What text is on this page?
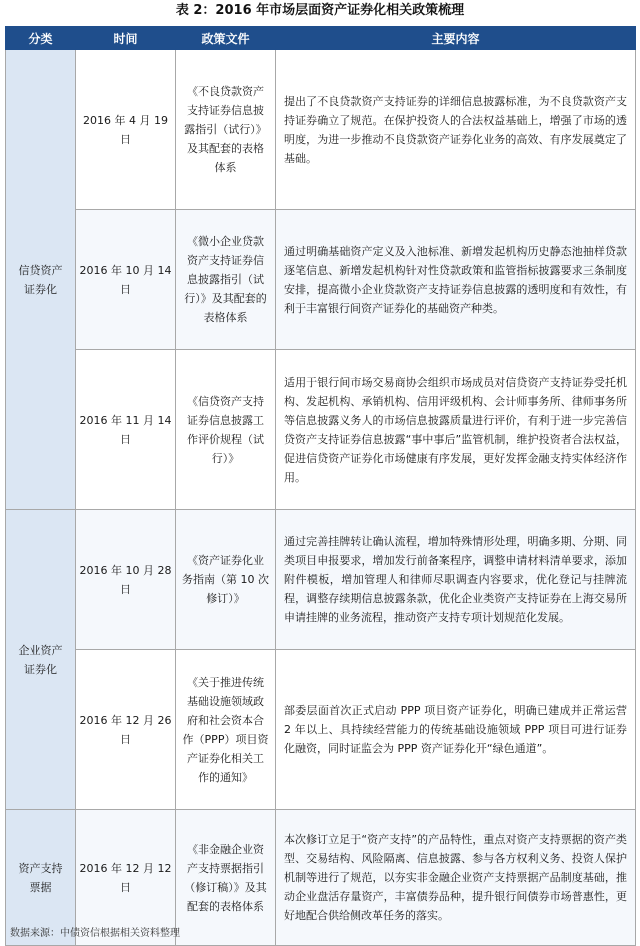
表 2：2016 年市场层面资产证券化相关政策梳理
分类	时间	政策文件	主要内容
信贷资产证券化	2016 年 4 月 19 日	《不良贷款资产支持证券信息披露指引（试行）》及其配套的表格体系	提出了不良贷款资产支持证券的详细信息披露标准，为不良贷款资产支持证券确立了规范。在保护投资人的合法权益基础上，增强了市场的透明度，为进一步推动不良贷款资产证券化业务的高效、有序发展奠定了基础。
	2016 年 10 月 14 日	《微小企业贷款资产支持证券信息披露指引（试行）》及其配套的表格体系	通过明确基础资产定义及入池标准、新增发起机构历史静态池抽样贷款逐笔信息、新增发起机构针对性贷款政策和监管指标披露要求三条制度安排，提高微小企业贷款资产支持证券信息披露的透明度和有效性，有利于丰富银行间资产证券化的基础资产种类。
	2016 年 11 月 14 日	《信贷资产支持证券信息披露工作评价规程（试行）》	适用于银行间市场交易商协会组织市场成员对信贷资产支持证券受托机构、发起机构、承销机构、信用评级机构、会计师事务所、律师事务所等信息披露义务人的市场信息披露质量进行评价，有利于进一步完善信贷资产支持证券信息披露“事中事后”监管机制，维护投资者合法权益，促进信贷资产证券化市场健康有序发展，更好发挥金融支持实体经济作用。
企业资产证券化	2016 年 10 月 28 日	《资产证券化业务指南（第 10 次修订）》	通过完善挂牌转让确认流程，增加特殊情形处理，明确多期、分期、同类项目申报要求，增加发行前备案程序，调整申请材料清单要求，添加附件模板，增加管理人和律师尽职调查内容要求，优化登记与挂牌流程，调整存续期信息披露条款，优化企业类资产支持证券在上海交易所申请挂牌的业务流程，推动资产支持专项计划规范化发展。
	2016 年 12 月 26 日	《关于推进传统基础设施领域政府和社会资本合作（PPP）项目资产证券化相关工作的通知》	部委层面首次正式启动 PPP 项目资产证券化，明确已建成并正常运营 2 年以上、具持续经营能力的传统基础设施领域 PPP 项目可进行证券化融资，同时证监会为 PPP 资产证券化开“绿色通道”。
资产支持票据	2016 年 12 月 12 日	《非金融企业资产支持票据指引（修订稿）》及其配套的表格体系	本次修订立足于“资产支持”的产品特性，重点对资产支持票据的资产类型、交易结构、风险隔离、信息披露、参与各方权利义务、投资人保护机制等进行了规范，以夯实非金融企业资产支持票据产品制度基础，推动企业盘活存量资产，丰富债券品种，提升银行间债券市场普惠性，更好地配合供给侧改革任务的落实。
数据来源：中债资信根据相关资料整理
